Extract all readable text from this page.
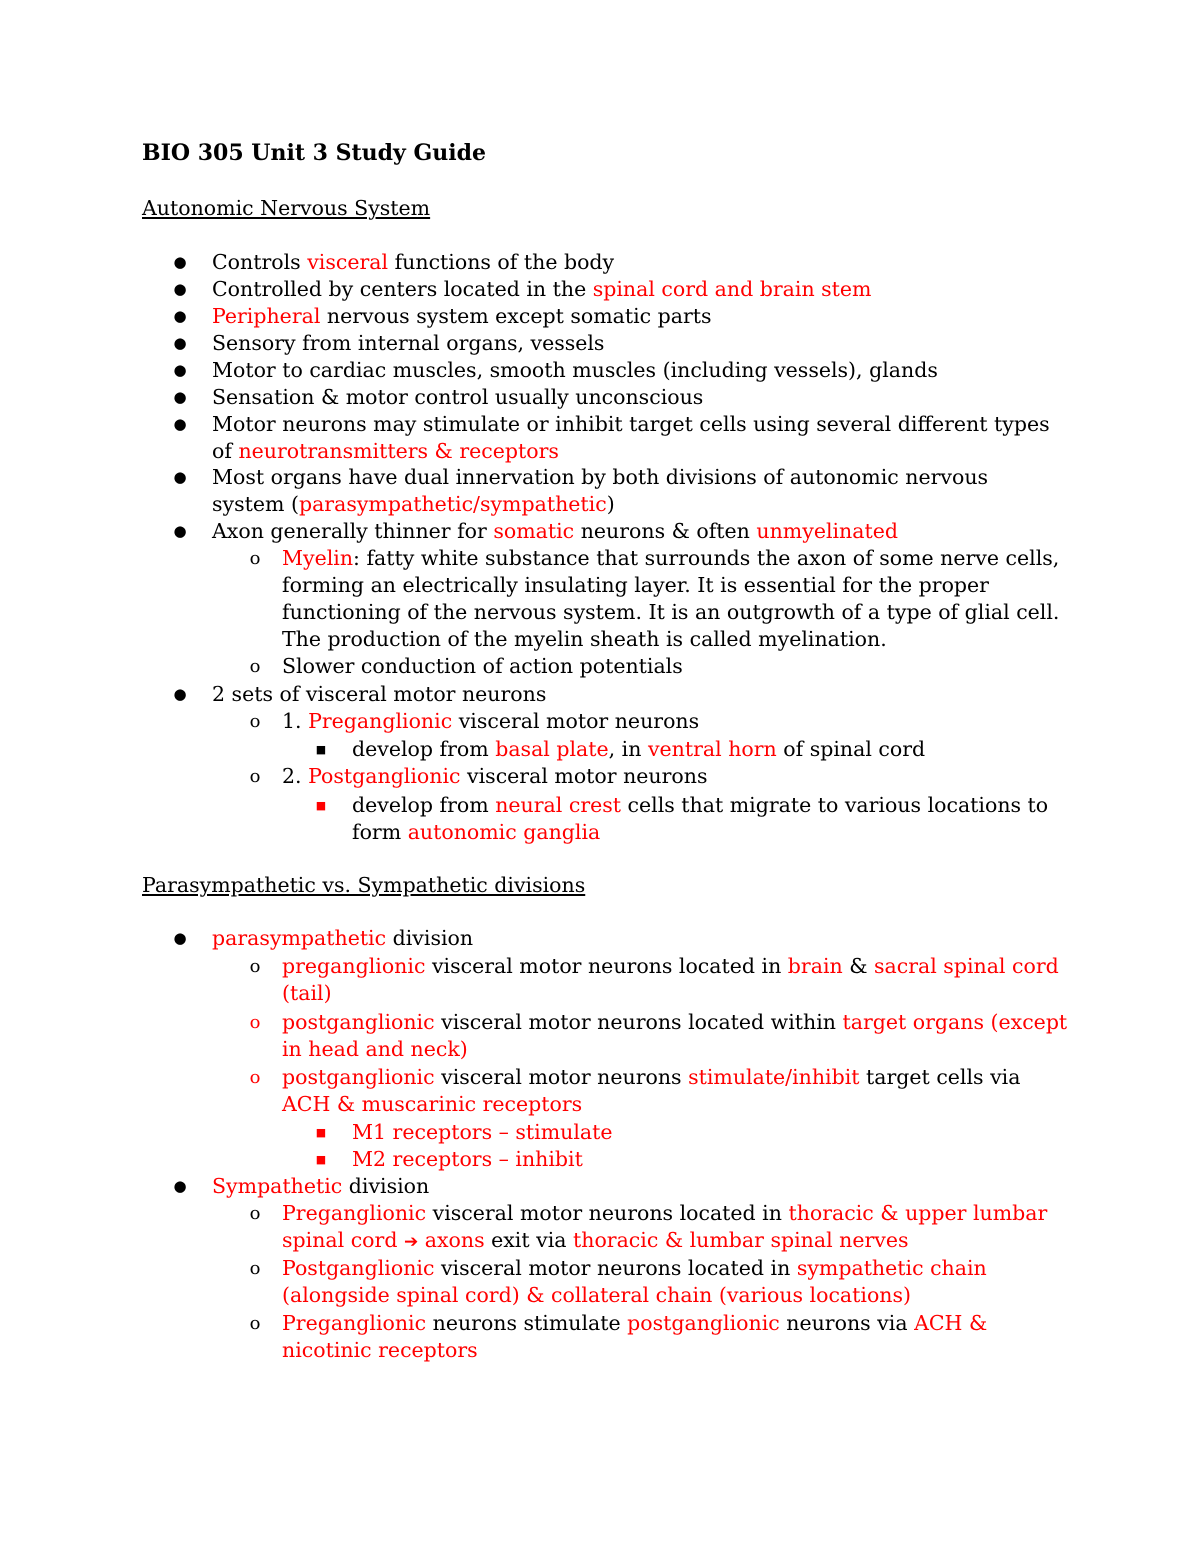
BIO 305 Unit 3 Study Guide
Autonomic Nervous System
● Controls visceral functions of the body
● Controlled by centers located in the spinal cord and brain stem
● Peripheral nervous system except somatic parts
● Sensory from internal organs, vessels
● Motor to cardiac muscles, smooth muscles (including vessels), glands
● Sensation & motor control usually unconscious
● Motor neurons may stimulate or inhibit target cells using several different types
of neurotransmitters & receptors
● Most organs have dual innervation by both divisions of autonomic nervous
system (parasympathetic/sympathetic)
● Axon generally thinner for somatic neurons & often unmyelinated
o Myelin: fatty white substance that surrounds the axon of some nerve cells,
forming an electrically insulating layer. It is essential for the proper
functioning of the nervous system. It is an outgrowth of a type of glial cell.
The production of the myelin sheath is called myelination.
o Slower conduction of action potentials
● 2 sets of visceral motor neurons
o 1. Preganglionic visceral motor neurons
■ develop from basal plate, in ventral horn of spinal cord
o 2. Postganglionic visceral motor neurons
■ develop from neural crest cells that migrate to various locations to
form autonomic ganglia
Parasympathetic vs. Sympathetic divisions
● parasympathetic division
o preganglionic visceral motor neurons located in brain & sacral spinal cord
(tail)
o postganglionic visceral motor neurons located within target organs (except
in head and neck)
o postganglionic visceral motor neurons stimulate/inhibit target cells via
ACH & muscarinic receptors
■ M1 receptors – stimulate
■ M2 receptors – inhibit
● Sympathetic division
o Preganglionic visceral motor neurons located in thoracic & upper lumbar
spinal cord ➔ axons exit via thoracic & lumbar spinal nerves
o Postganglionic visceral motor neurons located in sympathetic chain
(alongside spinal cord) & collateral chain (various locations)
o Preganglionic neurons stimulate postganglionic neurons via ACH &
nicotinic receptors
